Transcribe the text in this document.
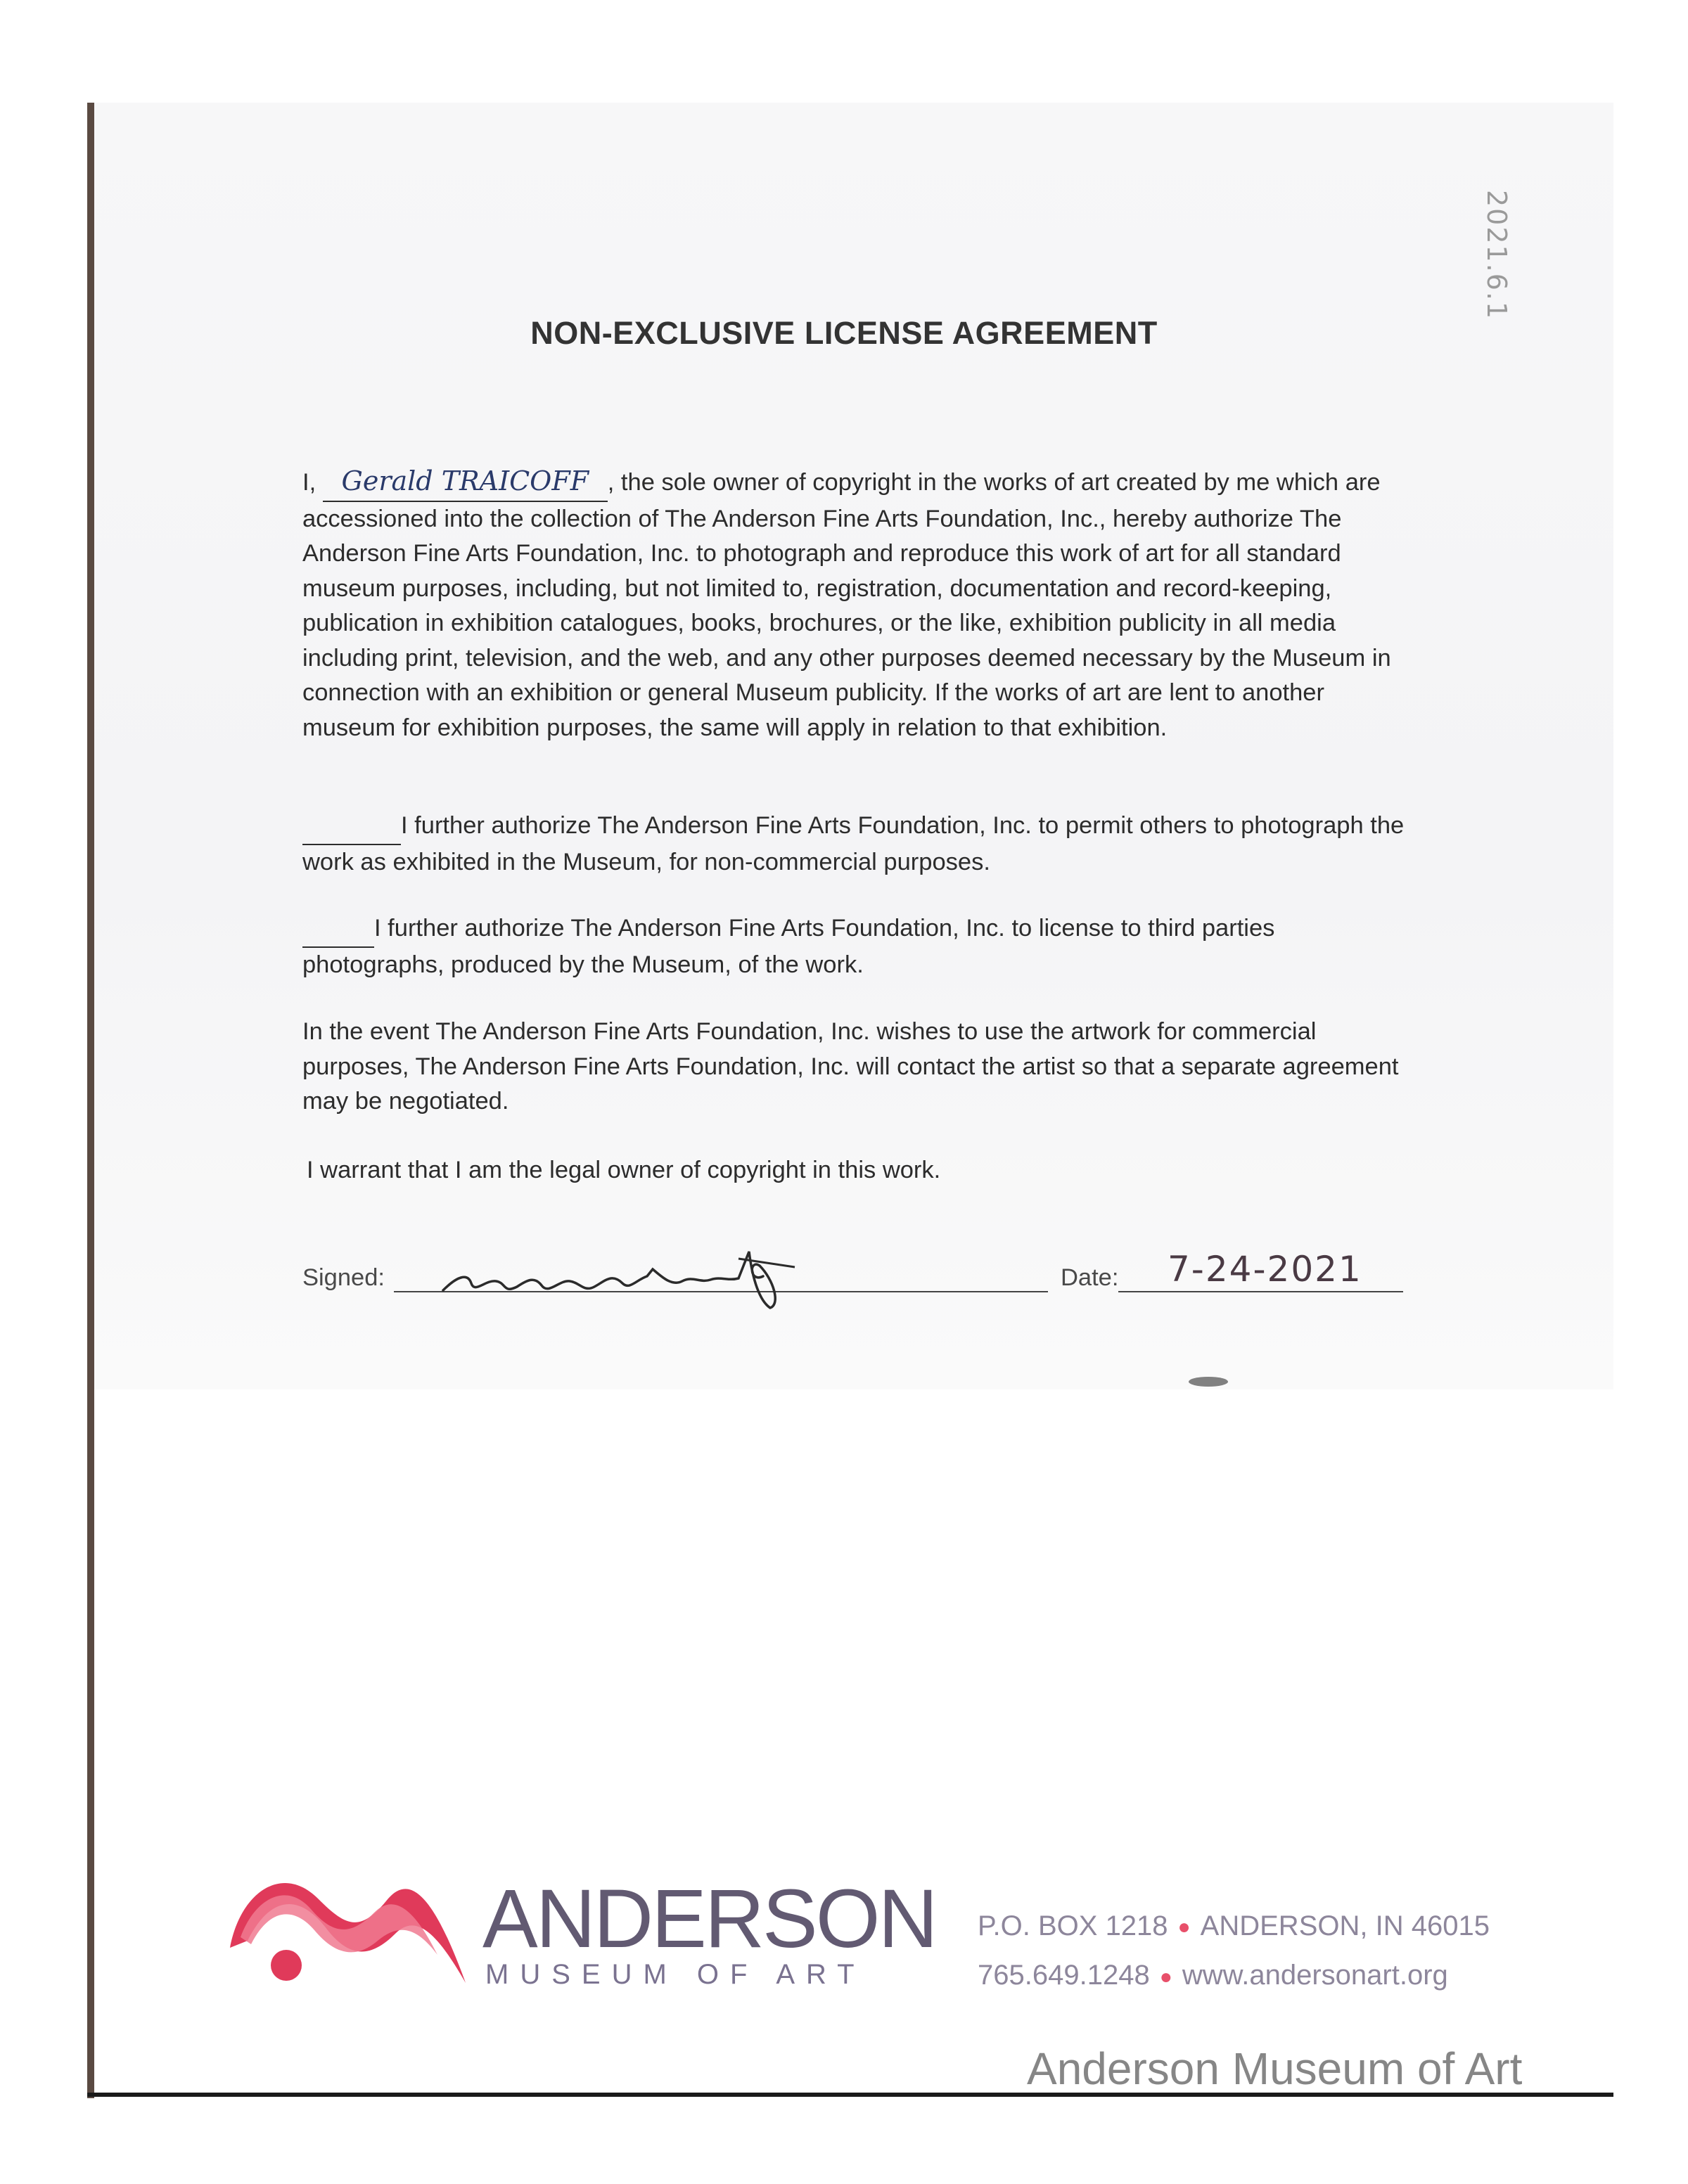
2021.6.1
NON-EXCLUSIVE LICENSE AGREEMENT

I, Gerald TRAICOFF , the sole owner of copyright in the works of art created by me which are accessioned into the collection of The Anderson Fine Arts Foundation, Inc., hereby authorize The Anderson Fine Arts Foundation, Inc. to photograph and reproduce this work of art for all standard museum purposes, including, but not limited to, registration, documentation and record-keeping, publication in exhibition catalogues, books, brochures, or the like, exhibition publicity in all media including print, television, and the web, and any other purposes deemed necessary by the Museum in connection with an exhibition or general Museum publicity. If the works of art are lent to another museum for exhibition purposes, the same will apply in relation to that exhibition.

I further authorize The Anderson Fine Arts Foundation, Inc. to permit others to photograph the work as exhibited in the Museum, for non-commercial purposes.

I further authorize The Anderson Fine Arts Foundation, Inc. to license to third parties photographs, produced by the Museum, of the work.

In the event The Anderson Fine Arts Foundation, Inc. wishes to use the artwork for commercial purposes, The Anderson Fine Arts Foundation, Inc. will contact the artist so that a separate agreement may be negotiated.
I warrant that I am the legal owner of copyright in this work.
Signed:	Date: 7-24-2021
ANDERSON
MUSEUM OF ART
P.O. BOX 1218 ● ANDERSON, IN 46015
765.649.1248 ● www.andersonart.org
Anderson Museum of Art
